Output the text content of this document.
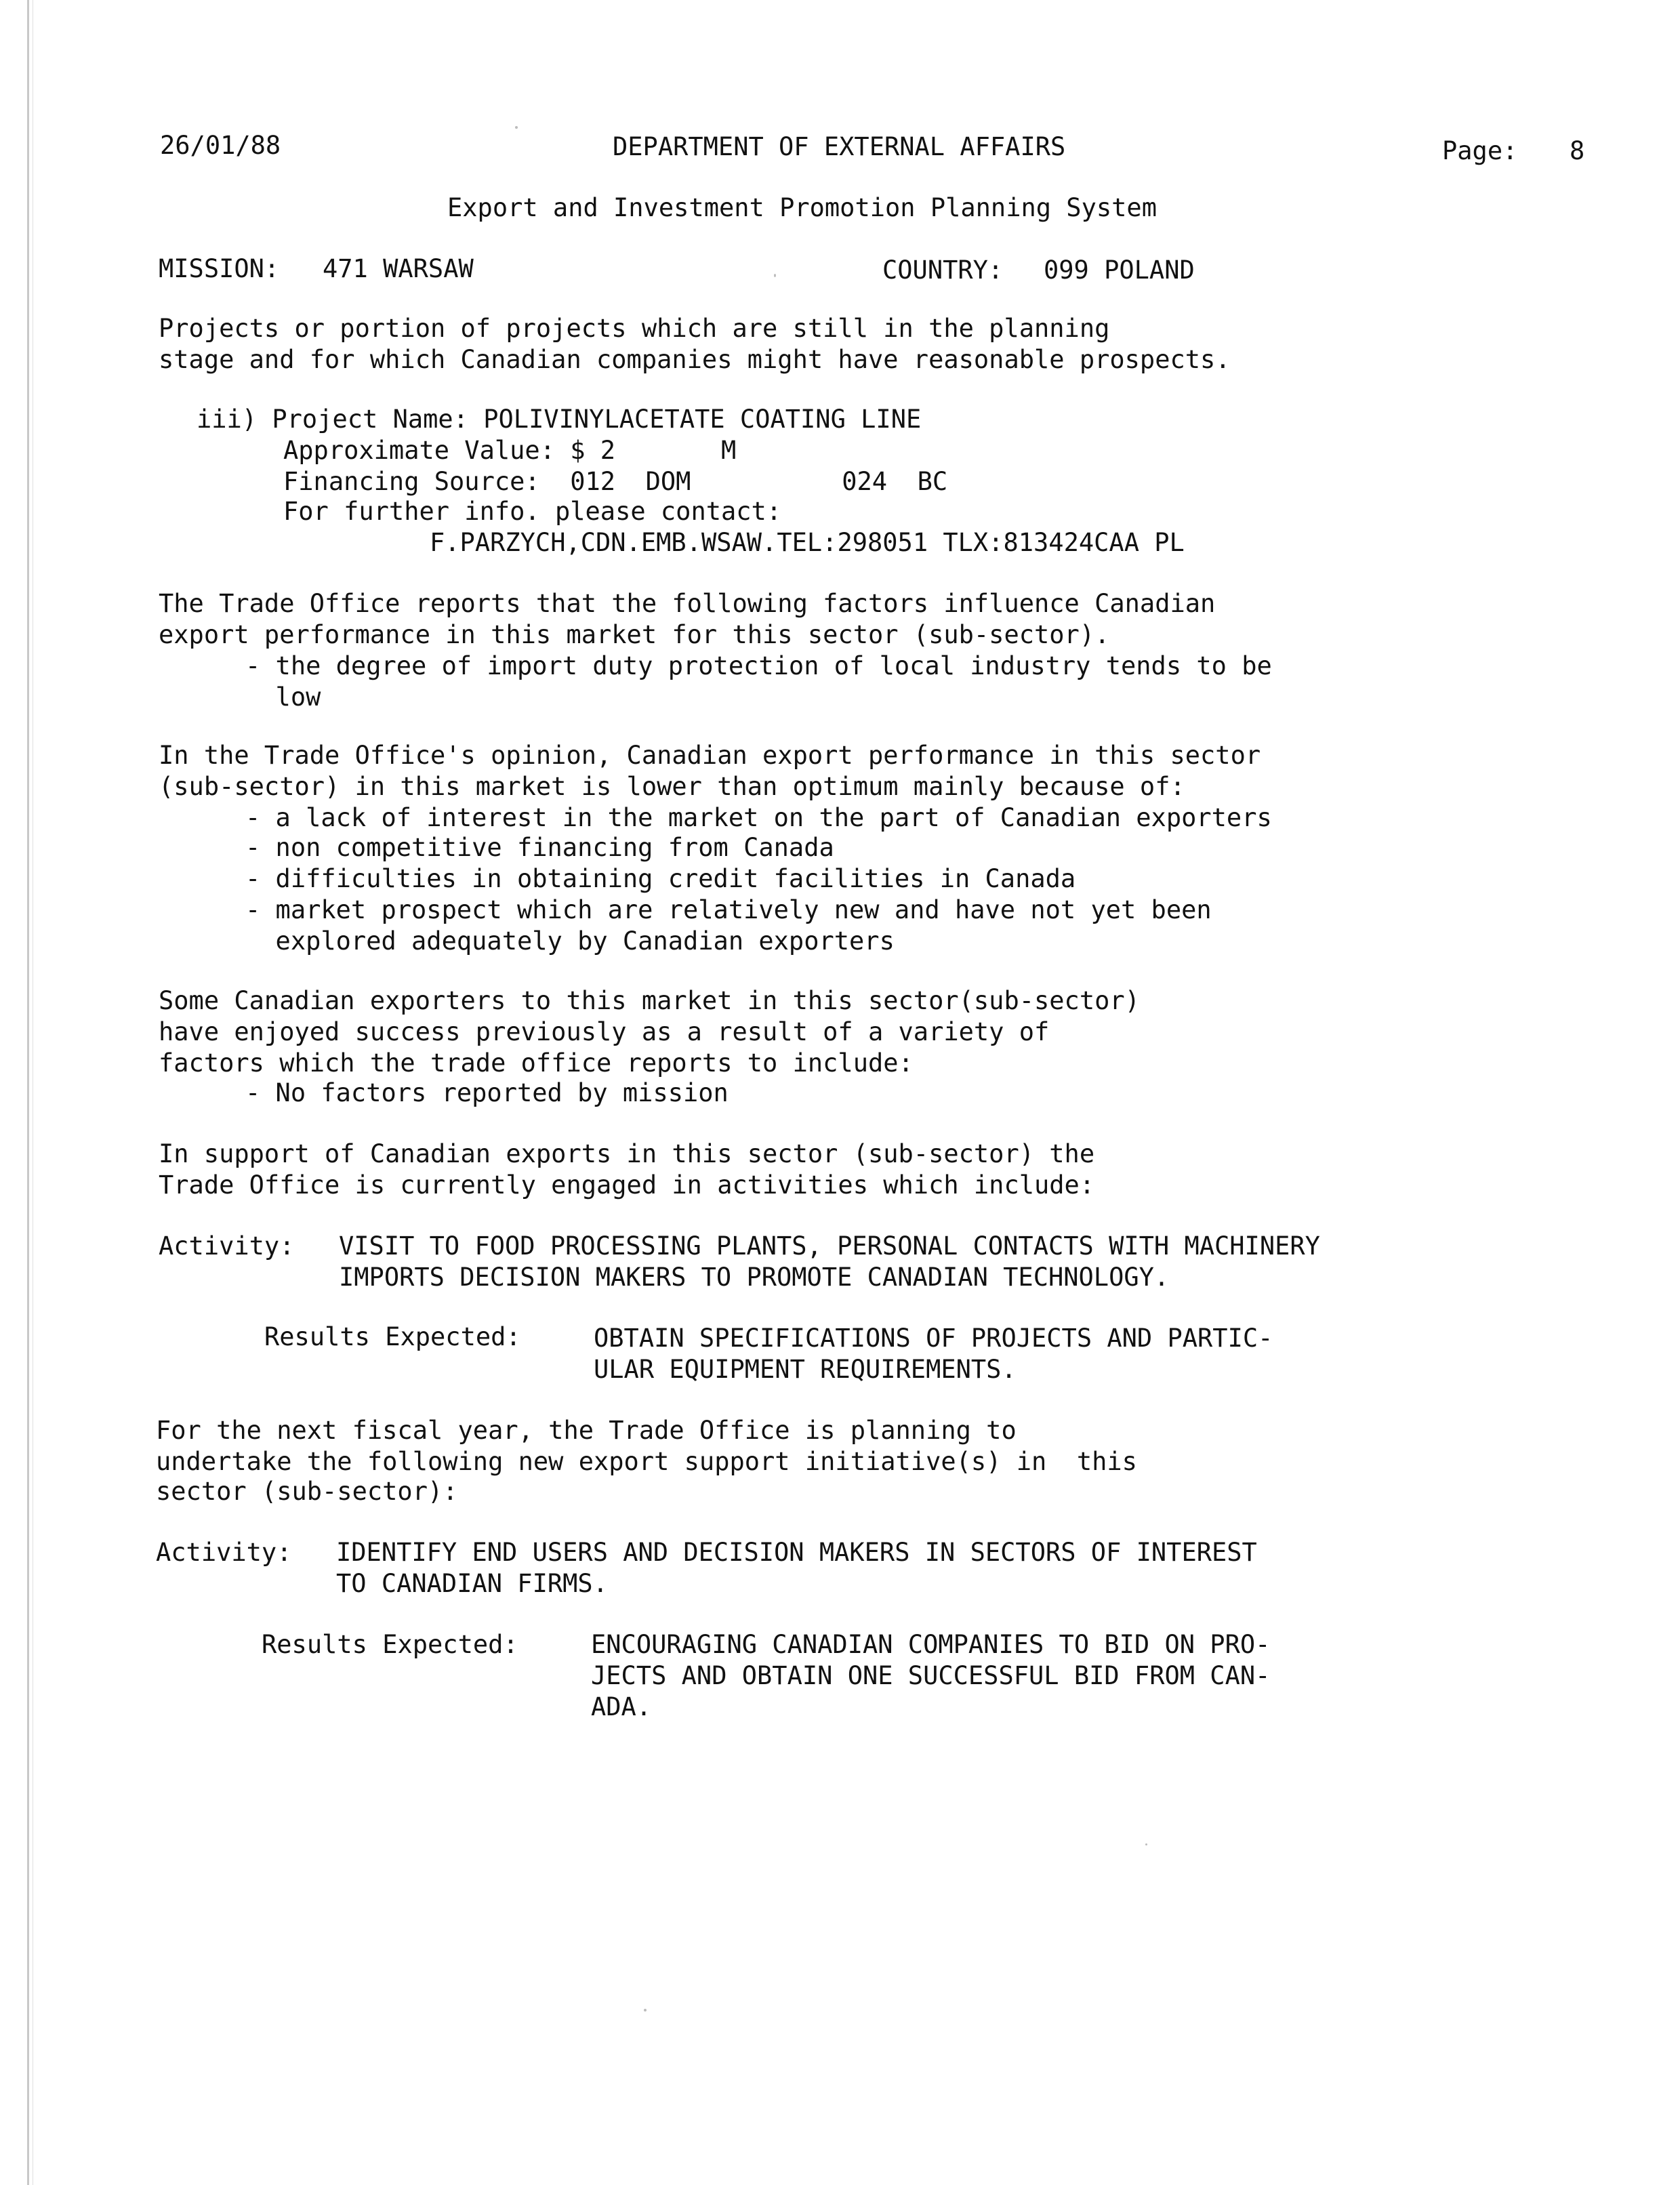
26/01/88	DEPARTMENT OF EXTERNAL AFFAIRS	Page: 8
Export and Investment Promotion Planning System
MISSION: 471 WARSAW	COUNTRY: 099 POLAND
Projects or portion of projects which are still in the planning
stage and for which Canadian companies might have reasonable prospects.
iii) Project Name: POLIVINYLACETATE COATING LINE
Approximate Value: $ 2       M
Financing Source:  012  DOM          024  BC
For further info. please contact:
F.PARZYCH,CDN.EMB.WSAW.TEL:298051 TLX:813424CAA PL
The Trade Office reports that the following factors influence Canadian
export performance in this market for this sector (sub-sector).
- the degree of import duty protection of local industry tends to be
low
In the Trade Office's opinion, Canadian export performance in this sector
(sub-sector) in this market is lower than optimum mainly because of:
- a lack of interest in the market on the part of Canadian exporters
- non competitive financing from Canada
- difficulties in obtaining credit facilities in Canada
- market prospect which are relatively new and have not yet been
explored adequately by Canadian exporters
Some Canadian exporters to this market in this sector(sub-sector)
have enjoyed success previously as a result of a variety of
factors which the trade office reports to include:
- No factors reported by mission
In support of Canadian exports in this sector (sub-sector) the
Trade Office is currently engaged in activities which include:
Activity: VISIT TO FOOD PROCESSING PLANTS, PERSONAL CONTACTS WITH MACHINERY
IMPORTS DECISION MAKERS TO PROMOTE CANADIAN TECHNOLOGY.
Results Expected:	OBTAIN SPECIFICATIONS OF PROJECTS AND PARTIC-
ULAR EQUIPMENT REQUIREMENTS.
For the next fiscal year, the Trade Office is planning to
undertake the following new export support initiative(s) in  this
sector (sub-sector):
Activity: IDENTIFY END USERS AND DECISION MAKERS IN SECTORS OF INTEREST
TO CANADIAN FIRMS.
Results Expected:	ENCOURAGING CANADIAN COMPANIES TO BID ON PRO-
JECTS AND OBTAIN ONE SUCCESSFUL BID FROM CAN-
ADA.
